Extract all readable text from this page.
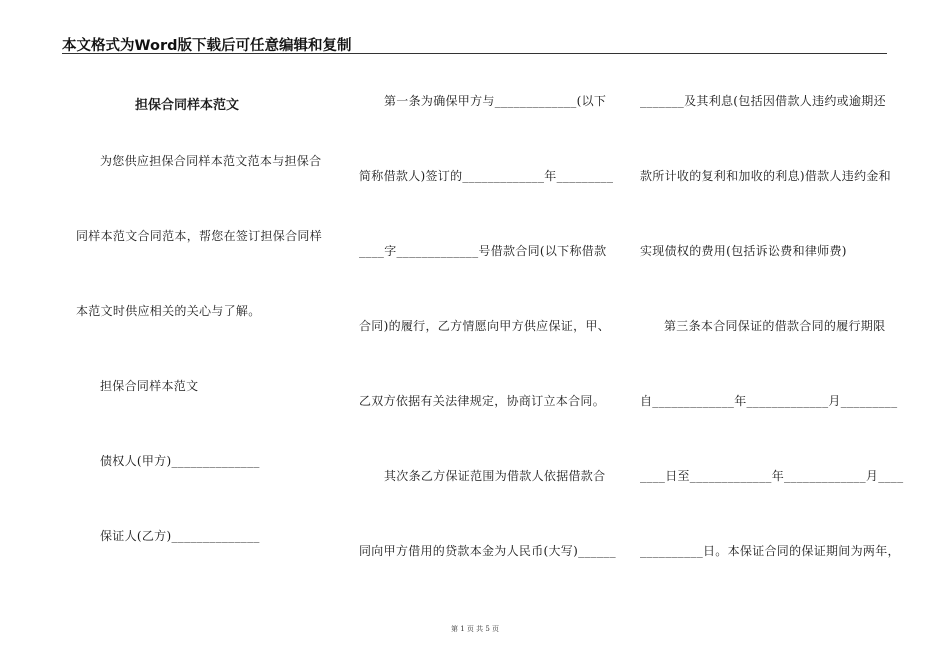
本文格式为Word版下载后可任意编辑和复制
担保合同样本范文
为您供应担保合同样本范文范本与担保合
同样本范文合同范本，帮您在签订担保合同样
本范文时供应相关的关心与了解。
担保合同样本范文
债权人(甲方)______________
保证人(乙方)______________
第一条为确保甲方与_____________(以下
简称借款人)签订的_____________年_________
____字_____________号借款合同(以下称借款
合同)的履行，乙方情愿向甲方供应保证，甲、
乙双方依据有关法律规定，协商订立本合同。
其次条乙方保证范围为借款人依据借款合
同向甲方借用的贷款本金为人民币(大写)______
_______及其利息(包括因借款人违约或逾期还
款所计收的复利和加收的利息)借款人违约金和
实现债权的费用(包括诉讼费和律师费)
第三条本合同保证的借款合同的履行期限
自_____________年_____________月_________
____日至_____________年_____________月____
__________日。本保证合同的保证期间为两年，
第 1 页 共 5 页
